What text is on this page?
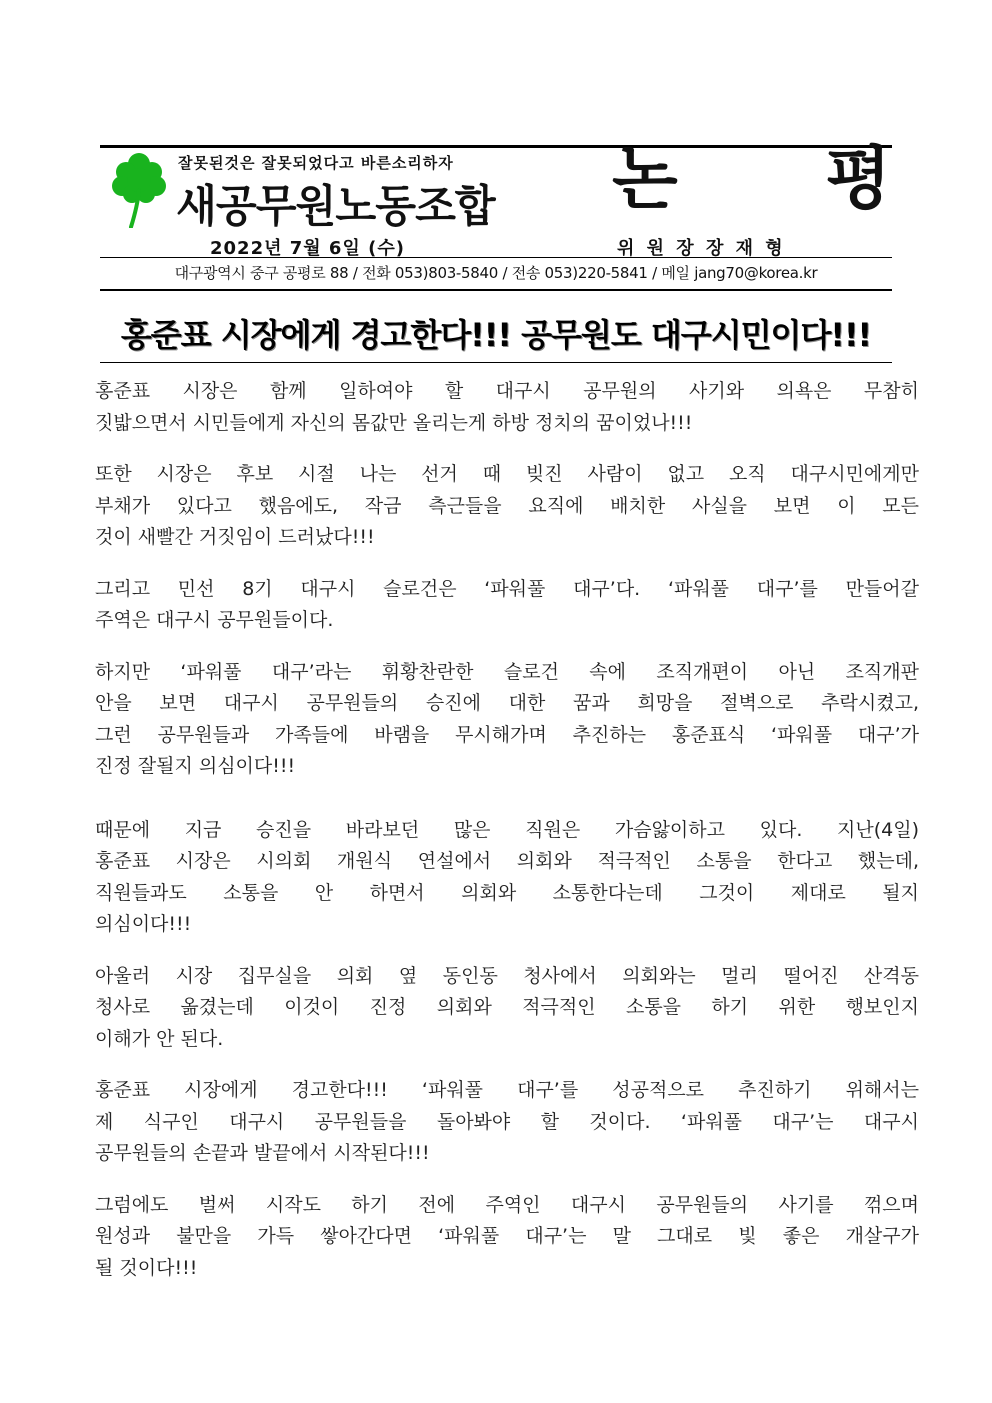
잘못된것은 잘못되었다고 바른소리하자
새공무원노동조합	논 평
2022년 7월 6일 (수)	위 원 장 장 재 형
대구광역시 중구 공평로 88 / 전화 053)803-5840 / 전송 053)220-5841 / 메일 jang70@korea.kr
홍준표 시장에게 경고한다!!! 공무원도 대구시민이다!!!

홍준표 시장은 함께 일하여야 할 대구시 공무원의 사기와 의욕은 무참히
짓밟으면서 시민들에게 자신의 몸값만 올리는게 하방 정치의 꿈이었나!!!

또한 시장은 후보 시절 나는 선거 때 빚진 사람이 없고 오직 대구시민에게만
부채가 있다고 했음에도, 작금 측근들을 요직에 배치한 사실을 보면 이 모든
것이 새빨간 거짓임이 드러났다!!!

그리고 민선 8기 대구시 슬로건은 ‘파워풀 대구’다. ‘파워풀 대구’를 만들어갈
주역은 대구시 공무원들이다.

하지만 ‘파워풀 대구’라는 휘황찬란한 슬로건 속에 조직개편이 아닌 조직개판
안을 보면 대구시 공무원들의 승진에 대한 꿈과 희망을 절벽으로 추락시켰고,
그런 공무원들과 가족들에 바램을 무시해가며 추진하는 홍준표식 ‘파워풀 대구’가
진정 잘될지 의심이다!!!

때문에 지금 승진을 바라보던 많은 직원은 가슴앓이하고 있다. 지난(4일)
홍준표 시장은 시의회 개원식 연설에서 의회와 적극적인 소통을 한다고 했는데,
직원들과도 소통을 안 하면서 의회와 소통한다는데 그것이 제대로 될지
의심이다!!!

아울러 시장 집무실을 의회 옆 동인동 청사에서 의회와는 멀리 떨어진 산격동
청사로 옮겼는데 이것이 진정 의회와 적극적인 소통을 하기 위한 행보인지
이해가 안 된다.

홍준표 시장에게 경고한다!!! ‘파워풀 대구’를 성공적으로 추진하기 위해서는
제 식구인 대구시 공무원들을 돌아봐야 할 것이다. ‘파워풀 대구’는 대구시
공무원들의 손끝과 발끝에서 시작된다!!!

그럼에도 벌써 시작도 하기 전에 주역인 대구시 공무원들의 사기를 꺾으며
원성과 불만을 가득 쌓아간다면 ‘파워풀 대구’는 말 그대로 빛 좋은 개살구가
될 것이다!!!
